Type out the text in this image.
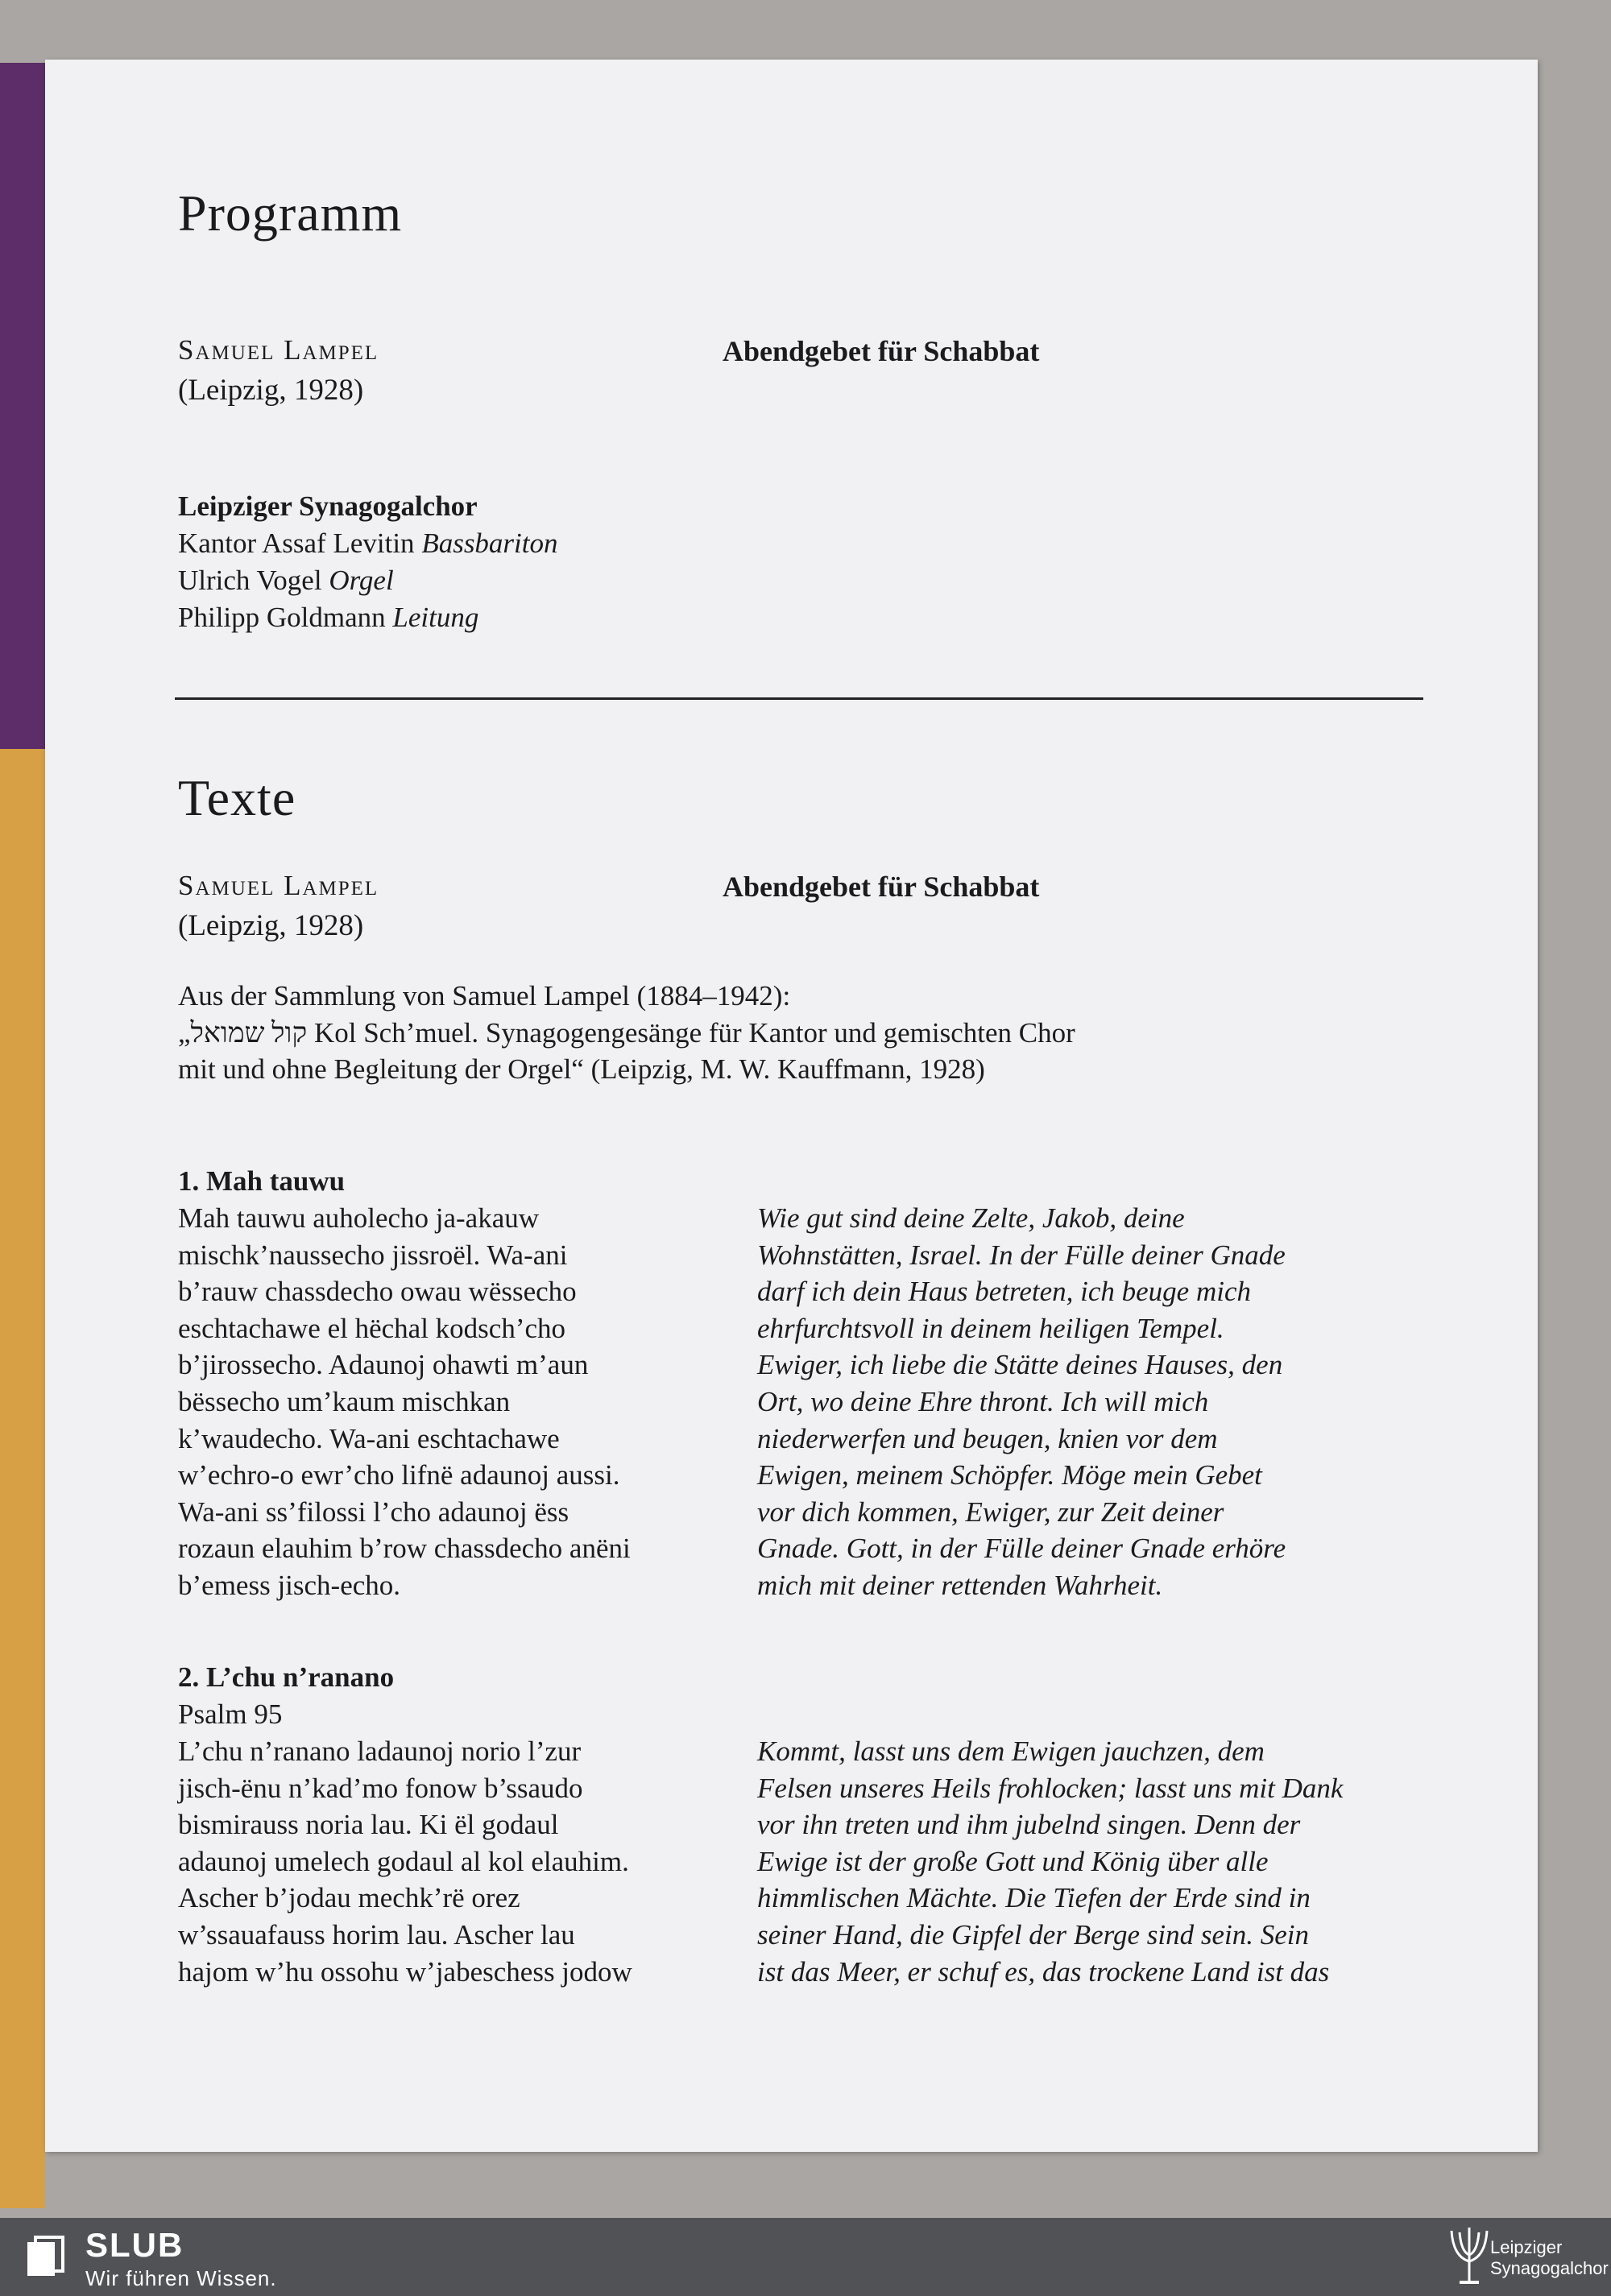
Programm
Samuel Lampel
(Leipzig, 1928)
Abendgebet für Schabbat
Leipziger Synagogalchor
Kantor Assaf Levitin Bassbariton
Ulrich Vogel Orgel
Philipp Goldmann Leitung
Texte
Samuel Lampel
(Leipzig, 1928)
Abendgebet für Schabbat
Aus der Sammlung von Samuel Lampel (1884–1942):
„קול שמואל Kol Sch’muel. Synagogengesänge für Kantor und gemischten Chor
mit und ohne Begleitung der Orgel“ (Leipzig, M. W. Kauffmann, 1928)
1. Mah tauwu
Mah tauwu auholecho ja-akauw
mischk’naussecho jissroël. Wa-ani
b’rauw chassdecho owau wëssecho
eschtachawe el hëchal kodsch’cho
b’jirossecho. Adaunoj ohawti m’aun
bëssecho um’kaum mischkan
k’waudecho. Wa-ani eschtachawe
w’echro-o ewr’cho lifnë adaunoj aussi.
Wa-ani ss’filossi l’cho adaunoj ëss
rozaun elauhim b’row chassdecho anëni
b’emess jisch-echo.
Wie gut sind deine Zelte, Jakob, deine
Wohnstätten, Israel. In der Fülle deiner Gnade
darf ich dein Haus betreten, ich beuge mich
ehrfurchtsvoll in deinem heiligen Tempel.
Ewiger, ich liebe die Stätte deines Hauses, den
Ort, wo deine Ehre thront. Ich will mich
niederwerfen und beugen, knien vor dem
Ewigen, meinem Schöpfer. Möge mein Gebet
vor dich kommen, Ewiger, zur Zeit deiner
Gnade. Gott, in der Fülle deiner Gnade erhöre
mich mit deiner rettenden Wahrheit.
2. L’chu n’ranano
Psalm 95
L’chu n’ranano ladaunoj norio l’zur
jisch-ënu n’kad’mo fonow b’ssaudo
bismirauss noria lau. Ki ël godaul
adaunoj umelech godaul al kol elauhim.
Ascher b’jodau mechk’rë orez
w’ssauafauss horim lau. Ascher lau
hajom w’hu ossohu w’jabeschess jodow
Kommt, lasst uns dem Ewigen jauchzen, dem
Felsen unseres Heils frohlocken; lasst uns mit Dank
vor ihn treten und ihm jubelnd singen. Denn der
Ewige ist der große Gott und König über alle
himmlischen Mächte. Die Tiefen der Erde sind in
seiner Hand, die Gipfel der Berge sind sein. Sein
ist das Meer, er schuf es, das trockene Land ist das
SLUB
Wir führen Wissen.
Leipziger
Synagogalchor
